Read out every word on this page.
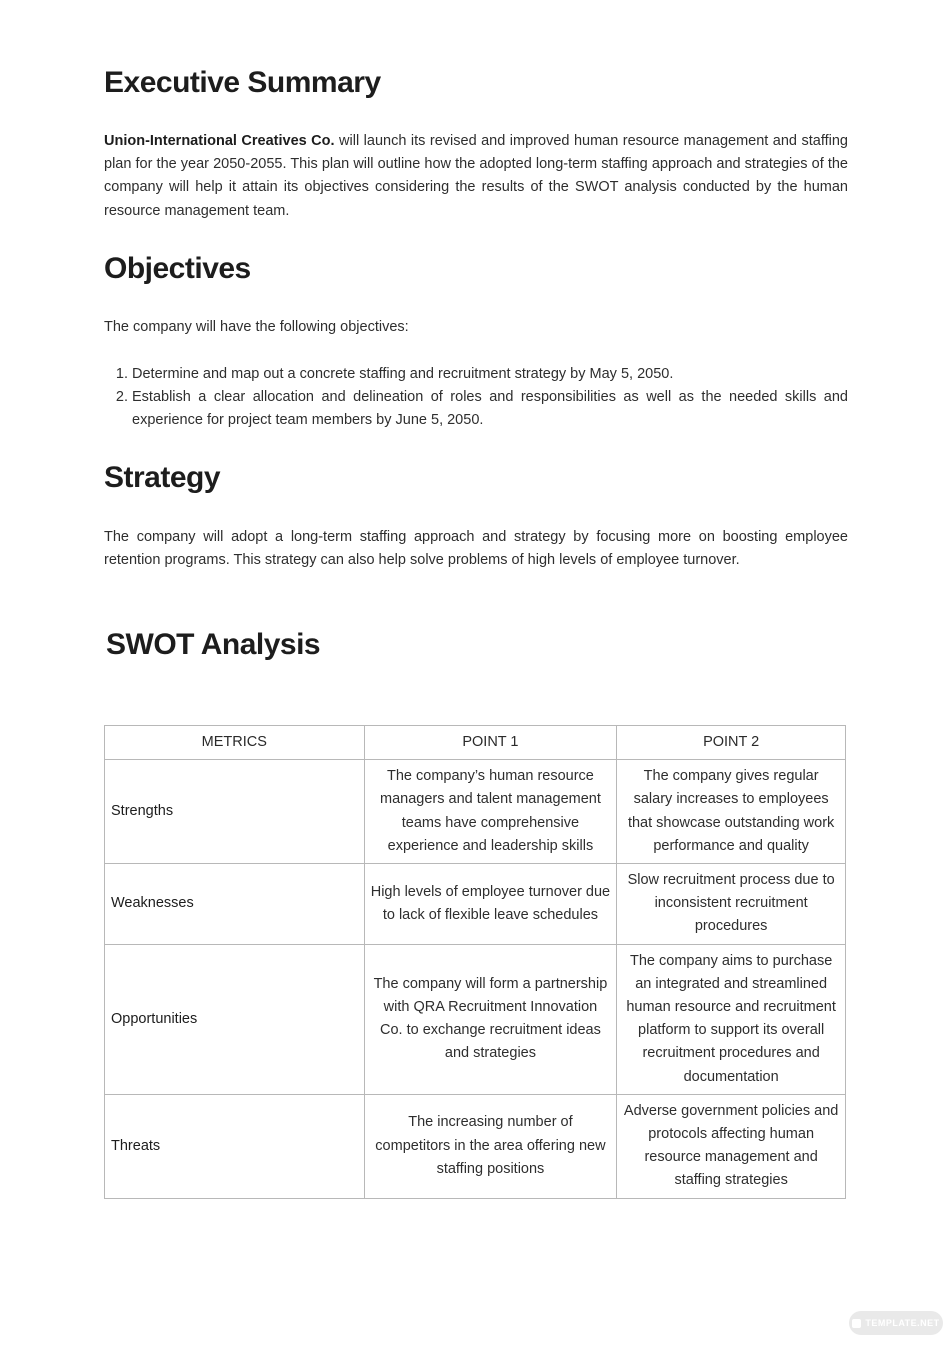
Executive Summary

Union-International Creatives Co. will launch its revised and improved human resource management and staffing plan for the year 2050-2055. This plan will outline how the adopted long-term staffing approach and strategies of the company will help it attain its objectives considering the results of the SWOT analysis conducted by the human resource management team.

Objectives

The company will have the following objectives:

1. Determine and map out a concrete staffing and recruitment strategy by May 5, 2050.
2. Establish a clear allocation and delineation of roles and responsibilities as well as the needed skills and experience for project team members by June 5, 2050.
Strategy

The company will adopt a long-term staffing approach and strategy by focusing more on boosting employee retention programs. This strategy can also help solve problems of high levels of employee turnover.

SWOT Analysis
METRICS	POINT 1	POINT 2
Strengths	The company’s human resource managers and talent management teams have comprehensive experience and leadership skills	The company gives regular salary increases to employees that showcase outstanding work performance and quality
Weaknesses	High levels of employee turnover due to lack of flexible leave schedules	Slow recruitment process due to inconsistent recruitment procedures
Opportunities	The company will form a partnership with QRA Recruitment Innovation Co. to exchange recruitment ideas and strategies	The company aims to purchase an integrated and streamlined human resource and recruitment platform to support its overall recruitment procedures and documentation
Threats	The increasing number of competitors in the area offering new staffing positions	Adverse government policies and protocols affecting human resource management and staffing strategies
TEMPLATE.NET
